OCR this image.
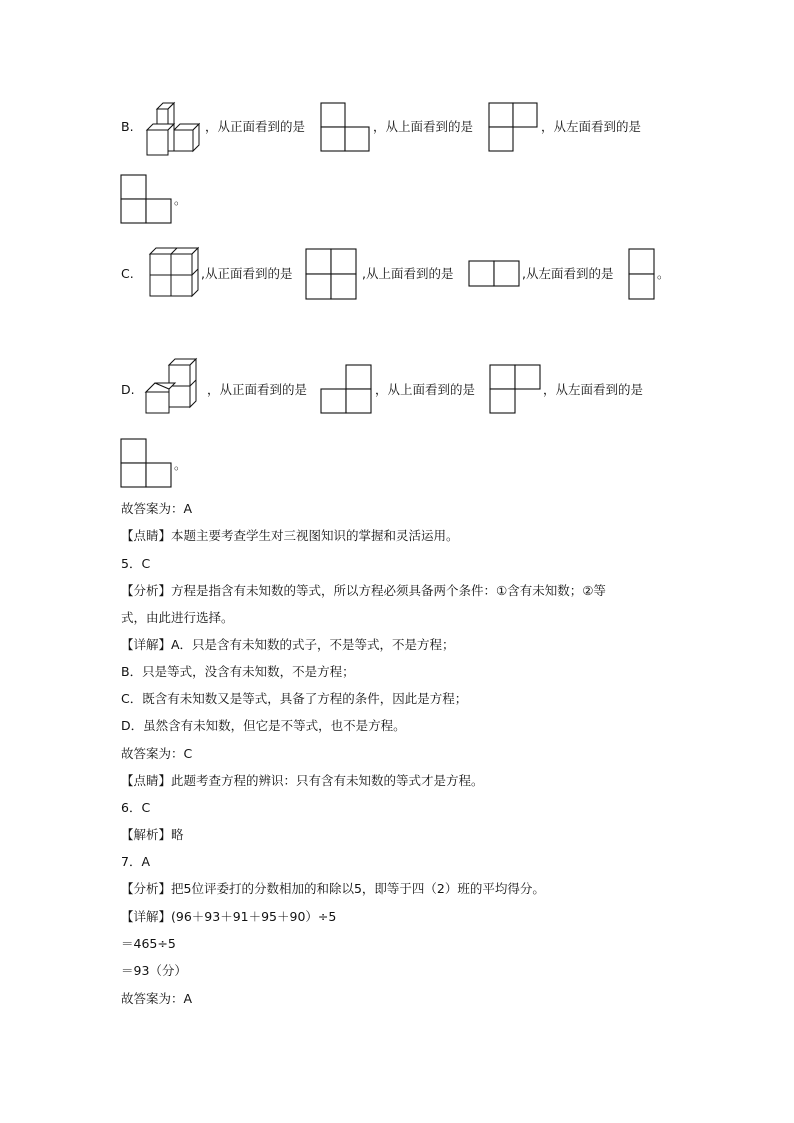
B.	，从正面看到的是	，从上面看到的是	，从左面看到的是
。
C.	,从正面看到的是	,从上面看到的是	,从左面看到的是	。
D.	，从正面看到的是	，从上面看到的是	，从左面看到的是
。
故答案为：A
【点睛】本题主要考查学生对三视图知识的掌握和灵活运用。
5．C
【分析】方程是指含有未知数的等式，所以方程必须具备两个条件：①含有未知数；②等
式，由此进行选择。
【详解】A．只是含有未知数的式子，不是等式，不是方程；
B．只是等式，没含有未知数，不是方程；
C．既含有未知数又是等式，具备了方程的条件，因此是方程；
D．虽然含有未知数，但它是不等式，也不是方程。
故答案为：C
【点睛】此题考查方程的辨识：只有含有未知数的等式才是方程。
6．C
【解析】略
7．A
【分析】把5位评委打的分数相加的和除以5，即等于四（2）班的平均得分。
【详解】(96＋93＋91＋95＋90）÷5
＝465÷5
＝93（分）
故答案为：A
